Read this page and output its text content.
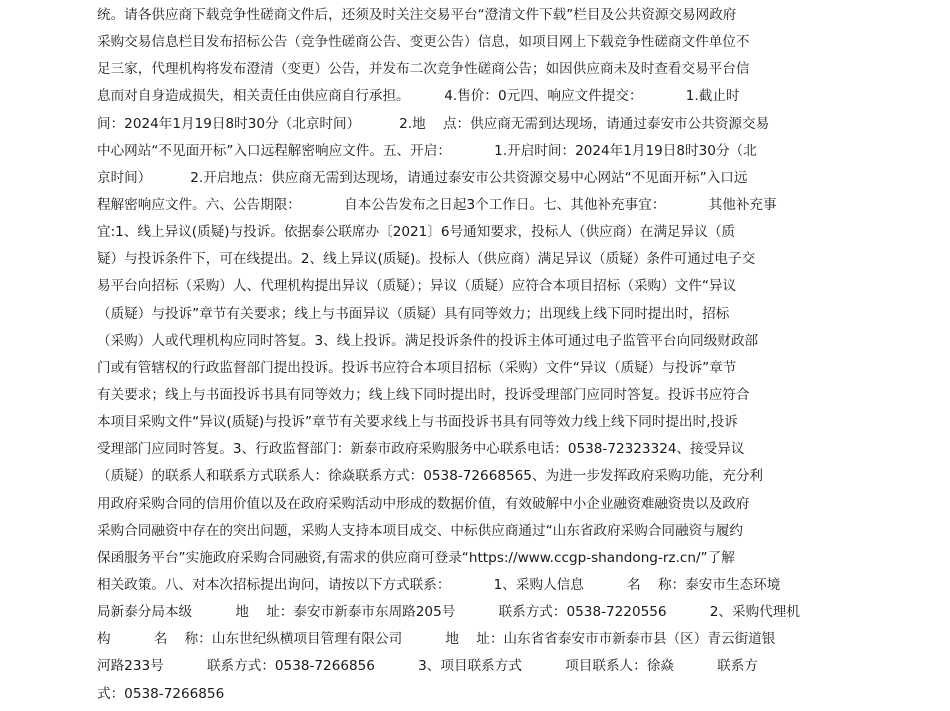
统。请各供应商下载竞争性磋商文件后，还须及时关注交易平台“澄清文件下载”栏目及公共资源交易网政府
采购交易信息栏目发布招标公告（竞争性磋商公告、变更公告）信息，如项目网上下载竞争性磋商文件单位不
足三家，代理机构将发布澄清（变更）公告，并发布二次竞争性磋商公告；如因供应商未及时查看交易平台信
息而对自身造成损失，相关责任由供应商自行承担。        4.售价：0元四、响应文件提交：          1.截止时
间：2024年1月19日8时30分（北京时间）         2.地    点：供应商无需到达现场，请通过泰安市公共资源交易
中心网站“不见面开标”入口远程解密响应文件。五、开启：          1.开启时间：2024年1月19日8时30分（北
京时间）         2.开启地点：供应商无需到达现场，请通过泰安市公共资源交易中心网站“不见面开标”入口远
程解密响应文件。六、公告期限：          自本公告发布之日起3个工作日。七、其他补充事宜：          其他补充事
宜:1、线上异议(质疑)与投诉。依据泰公联席办〔2021〕6号通知要求，投标人（供应商）在满足异议（质
疑）与投诉条件下，可在线提出。2、线上异议(质疑)。投标人（供应商）满足异议（质疑）条件可通过电子交
易平台向招标（采购）人、代理机构提出异议（质疑）；异议（质疑）应符合本项目招标（采购）文件“异议
（质疑）与投诉”章节有关要求；线上与书面异议（质疑）具有同等效力；出现线上线下同时提出时，招标
（采购）人或代理机构应同时答复。3、线上投诉。满足投诉条件的投诉主体可通过电子监管平台向同级财政部
门或有管辖权的行政监督部门提出投诉。投诉书应符合本项目招标（采购）文件“异议（质疑）与投诉”章节
有关要求；线上与书面投诉书具有同等效力；线上线下同时提出时，投诉受理部门应同时答复。投诉书应符合
本项目采购文件“异议(质疑)与投诉”章节有关要求线上与书面投诉书具有同等效力线上线下同时提出时,投诉
受理部门应同时答复。3、行政监督部门：新泰市政府采购服务中心联系电话：0538-72323324、接受异议
（质疑）的联系人和联系方式联系人：徐焱联系方式：0538-72668565、为进一步发挥政府采购功能，充分利
用政府采购合同的信用价值以及在政府采购活动中形成的数据价值，有效破解中小企业融资难融资贵以及政府
采购合同融资中存在的突出问题，采购人支持本项目成交、中标供应商通过“山东省政府采购合同融资与履约
保函服务平台”实施政府采购合同融资,有需求的供应商可登录“https://www.ccgp-shandong-rz.cn/”了解
相关政策。八、对本次招标提出询问，请按以下方式联系：          1、采购人信息          名    称：泰安市生态环境
局新泰分局本级          地    址：泰安市新泰市东周路205号          联系方式：0538-7220556          2、采购代理机
构          名    称：山东世纪纵横项目管理有限公司          地    址：山东省省泰安市市新泰市县（区）青云街道银
河路233号          联系方式：0538-7266856          3、项目联系方式          项目联系人：徐焱          联系方
式：0538-7266856
